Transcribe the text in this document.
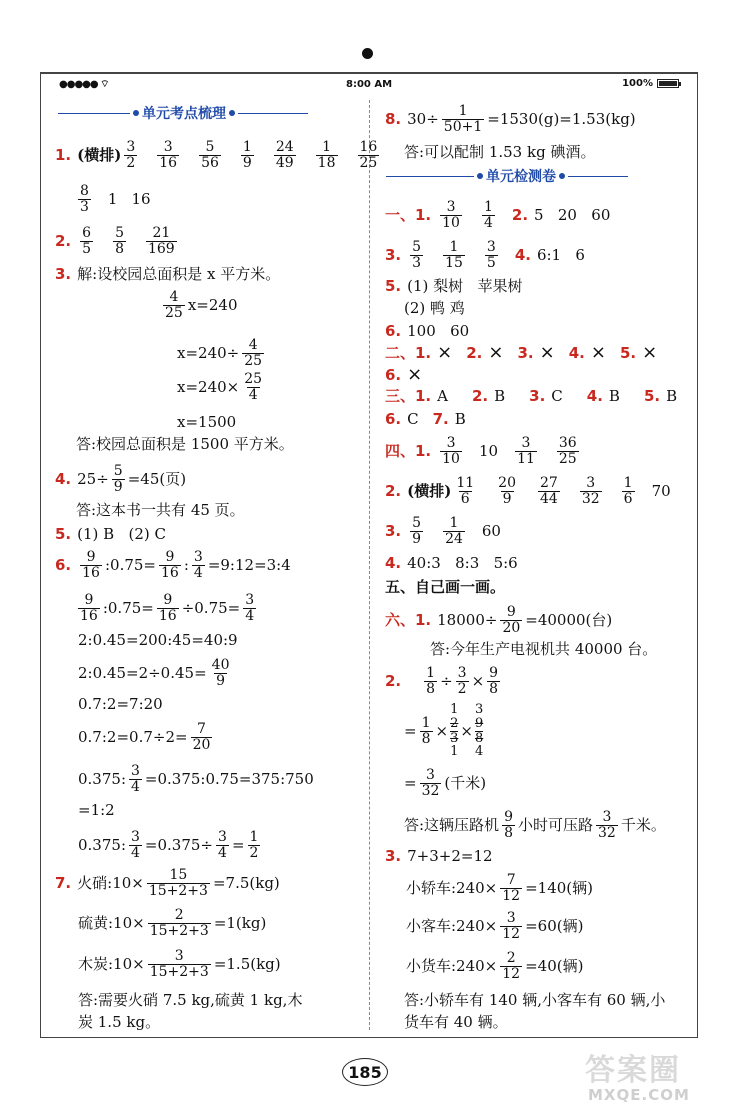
●●●●● ⌔	8:00 AM	100%
单元考点梳理
1. (横排) $\frac{3}{2} \frac{3}{16} \frac{5}{56} \frac{1}{9} \frac{24}{49} \frac{1}{18} \frac{16}{25}$
$\frac{8}{3} 1$ 16
2. $\frac{6}{5} \frac{5}{8} \frac{21}{169}$
3. 解:设校园总面积是 x 平方米。
$\frac{4}{25} x=240$
$x=240\div \frac{4}{25}$
$x=240\times \frac{25}{4}$
x=1500
答:校园总面积是 1500 平方米。
4. $25\div \frac{5}{9} =45$(页)
答:这本书一共有 45 页。
5. (1) B   (2) C
6. $\frac{9}{16}$ :0.75= $\frac{9}{16}$ : $\frac{3}{4}$ =9:12=3:4
$\frac{9}{16}$ :0.75= $\frac{9}{16} \div 0.75= \frac{3}{4}$
2:0.45=200:45=40:9
2:0.45=2÷0.45= $\frac{40}{9}$
0.7:2=7:20
0.7:2=0.7÷2= $\frac{7}{20}$
0.375: $\frac{3}{4}$ =0.375:0.75=375:750
=1:2
0.375: $\frac{3}{4} =0.375\div \frac{3}{4} = \frac{1}{2}$
7. 火硝:10× $\frac{15}{15+2+3} =7.5(kg)$
硫黄:10× $\frac{2}{15+2+3} =1(kg)$
木炭:10× $\frac{3}{15+2+3} =1.5(kg)$
答:需要火硝 7.5 kg,硫黄 1 kg,木
炭 1.5 kg。
8. $30\div \frac{1}{50+1} =1530(g)=1.53(kg)$
答:可以配制 1.53 kg 碘酒。
单元检测卷
一、1. $\frac{3}{10} \frac{1}{4} 2$. 5   20   60
3. $\frac{5}{3} \frac{1}{15} \frac{3}{5} 4$. 6:1   6
5. (1) 梨树   苹果树
(2) 鸭 鸡
6. 100   60
二、1. × 2. × 3. × 4. × 5. ×
6. ×
三、1. A 2. B 3. C 4. B 5. B
6. C 7. B
四、1. $\frac{3}{10} 10 \frac{3}{11} \frac{36}{25}$
2. (横排) $\frac{11}{6} \frac{20}{9} \frac{27}{44} \frac{3}{32} \frac{1}{6} 70$
3. $\frac{5}{9} \frac{1}{24} 60$
4. 40:3   8:3   5:6
五、自己画一画。
六、1. $18000\div \frac{9}{20} =40000$(台)
答:今年生产电视机共 40000 台。
2. $\frac{1}{8} \div \frac{3}{2} \times \frac{9}{8}$
= $\frac{1}{8}$ ×
1
2
3
1
×
3
9
8
4
= $\frac{3}{32}$ (千米)
答:这辆压路机 $\frac{9}{8}$ 小时可压路 $\frac{3}{32}$ 千米。
3. 7+3+2=12
小轿车:240× $\frac{7}{12} =140$(辆)
小客车:240× $\frac{3}{12} =60$(辆)
小货车:240× $\frac{2}{12} =40$(辆)
答:小轿车有 140 辆,小客车有 60 辆,小
货车有 40 辆。
185	答案圈
MXQE.COM
